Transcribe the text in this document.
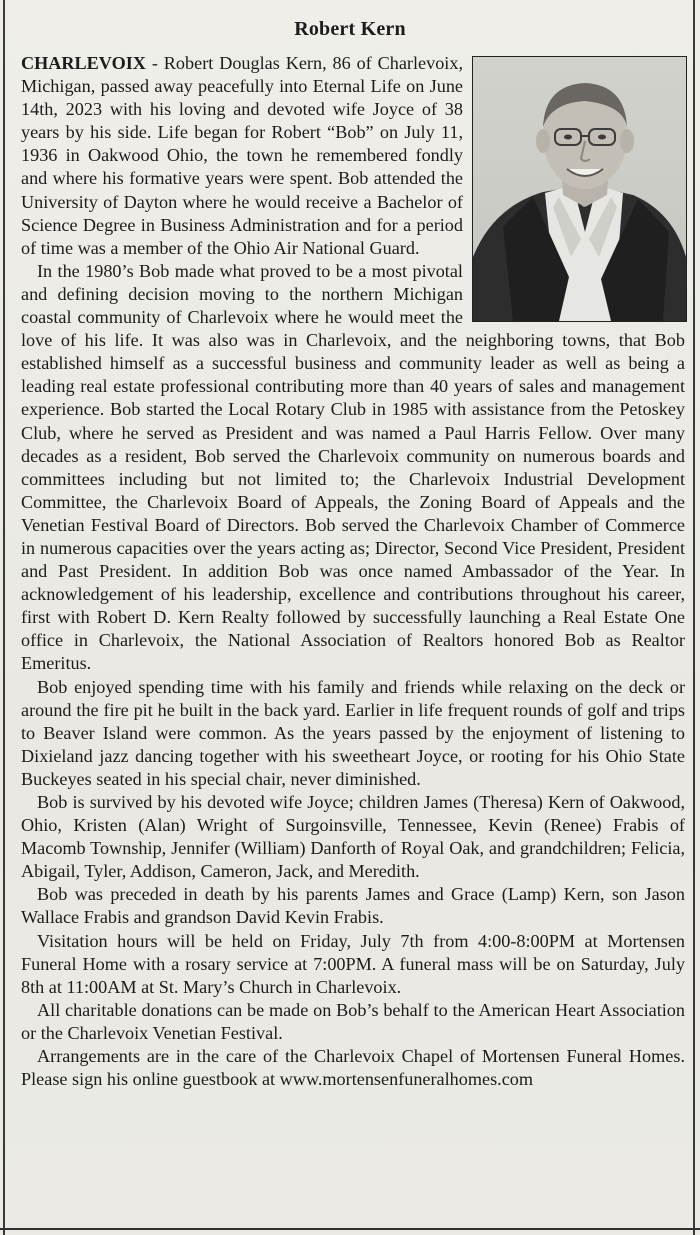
Robert Kern

CHARLEVOIX - Robert Douglas Kern, 86 of Charlevoix, Michigan, passed away peacefully into Eternal Life on June 14th, 2023 with his loving and devoted wife Joyce of 38 years by his side. Life began for Robert “Bob” on July 11, 1936 in Oakwood Ohio, the town he remembered fondly and where his formative years were spent. Bob attended the University of Dayton where he would receive a Bachelor of Science Degree in Business Administration and for a period of time was a member of the Ohio Air National Guard.

In the 1980’s Bob made what proved to be a most pivotal and defining decision moving to the northern Michigan coastal community of Charlevoix where he would meet the love of his life. It was also was in Charlevoix, and the neighboring towns, that Bob established himself as a successful business and community leader as well as being a leading real estate professional contributing more than 40 years of sales and management experience. Bob started the Local Rotary Club in 1985 with assistance from the Petoskey Club, where he served as President and was named a Paul Harris Fellow. Over many decades as a resident, Bob served the Charlevoix community on numerous boards and committees including but not limited to; the Charlevoix Industrial Development Committee, the Charlevoix Board of Appeals, the Zoning Board of Appeals and the Venetian Festival Board of Directors. Bob served the Charlevoix Chamber of Commerce in numerous capacities over the years acting as; Director, Second Vice President, President and Past President. In addition Bob was once named Ambassador of the Year. In acknowledgement of his leadership, excellence and contributions throughout his career, first with Robert D. Kern Realty followed by successfully launching a Real Estate One office in Charlevoix, the National Association of Realtors honored Bob as Realtor Emeritus.

Bob enjoyed spending time with his family and friends while relaxing on the deck or around the fire pit he built in the back yard. Earlier in life frequent rounds of golf and trips to Beaver Island were common. As the years passed by the enjoyment of listening to Dixieland jazz dancing together with his sweetheart Joyce, or rooting for his Ohio State Buckeyes seated in his special chair, never diminished.

Bob is survived by his devoted wife Joyce; children James (Theresa) Kern of Oakwood, Ohio, Kristen (Alan) Wright of Surgoinsville, Tennessee, Kevin (Renee) Frabis of Macomb Township, Jennifer (William) Danforth of Royal Oak, and grandchildren; Felicia, Abigail, Tyler, Addison, Cameron, Jack, and Meredith.

Bob was preceded in death by his parents James and Grace (Lamp) Kern, son Jason Wallace Frabis and grandson David Kevin Frabis.

Visitation hours will be held on Friday, July 7th from 4:00-8:00PM at Mortensen Funeral Home with a rosary service at 7:00PM. A funeral mass will be on Saturday, July 8th at 11:00AM at St. Mary’s Church in Charlevoix.

All charitable donations can be made on Bob’s behalf to the American Heart Association or the Charlevoix Venetian Festival.

Arrangements are in the care of the Charlevoix Chapel of Mortensen Funeral Homes. Please sign his online guestbook at www.mortensenfuneralhomes.com
